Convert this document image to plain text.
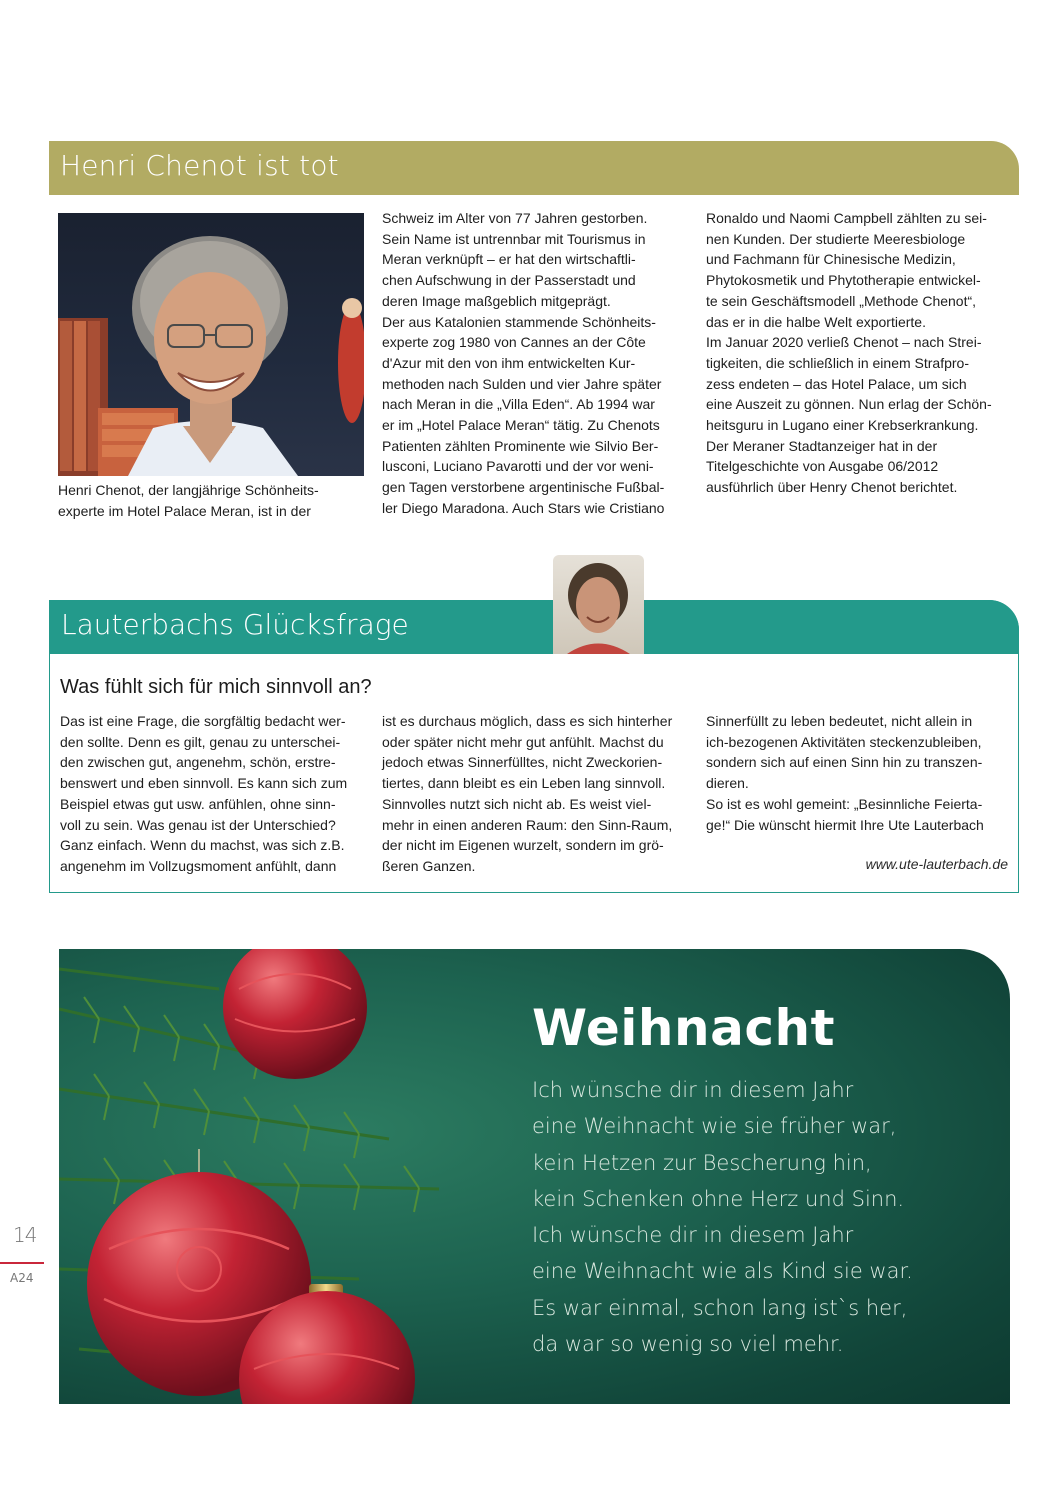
Henri Chenot ist tot

Henri Chenot, der langjährige Schönheits-
experte im Hotel Palace Meran, ist in der

Schweiz im Alter von 77 Jahren gestorben.
Sein Name ist untrennbar mit Tourismus in
Meran verknüpft – er hat den wirtschaftli-
chen Aufschwung in der Passerstadt und
deren Image maßgeblich mitgeprägt.
Der aus Katalonien stammende Schönheits-
experte zog 1980 von Cannes an der Côte
d'Azur mit den von ihm entwickelten Kur-
methoden nach Sulden und vier Jahre später
nach Meran in die „Villa Eden“. Ab 1994 war
er im „Hotel Palace Meran“ tätig. Zu Chenots
Patienten zählten Prominente wie Silvio Ber-
lusconi, Luciano Pavarotti und der vor weni-
gen Tagen verstorbene argentinische Fußbal-
ler Diego Maradona. Auch Stars wie Cristiano

Ronaldo und Naomi Campbell zählten zu sei-
nen Kunden. Der studierte Meeresbiologe
und Fachmann für Chinesische Medizin,
Phytokosmetik und Phytotherapie entwickel-
te sein Geschäftsmodell „Methode Chenot“,
das er in die halbe Welt exportierte.
Im Januar 2020 verließ Chenot – nach Strei-
tigkeiten, die schließlich in einem Strafpro-
zess endeten – das Hotel Palace, um sich
eine Auszeit zu gönnen. Nun erlag der Schön-
heitsguru in Lugano einer Krebserkrankung.
Der Meraner Stadtanzeiger hat in der
Titelgeschichte von Ausgabe 06/2012
ausführlich über Henry Chenot berichtet.

Lauterbachs Glücksfrage
Was fühlt sich für mich sinnvoll an?

Das ist eine Frage, die sorgfältig bedacht wer-
den sollte. Denn es gilt, genau zu unterschei-
den zwischen gut, angenehm, schön, erstre-
benswert und eben sinnvoll. Es kann sich zum
Beispiel etwas gut usw. anfühlen, ohne sinn-
voll zu sein. Was genau ist der Unterschied?
Ganz einfach. Wenn du machst, was sich z.B.
angenehm im Vollzugsmoment anfühlt, dann

ist es durchaus möglich, dass es sich hinterher
oder später nicht mehr gut anfühlt. Machst du
jedoch etwas Sinnerfülltes, nicht Zweckorien-
tiertes, dann bleibt es ein Leben lang sinnvoll.
Sinnvolles nutzt sich nicht ab. Es weist viel-
mehr in einen anderen Raum: den Sinn-Raum,
der nicht im Eigenen wurzelt, sondern im grö-
ßeren Ganzen.

Sinnerfüllt zu leben bedeutet, nicht allein in
ich-bezogenen Aktivitäten steckenzubleiben,
sondern sich auf einen Sinn hin zu transzen-
dieren.
So ist es wohl gemeint: „Besinnliche Feierta-
ge!“ Die wünscht hiermit Ihre Ute Lauterbach

www.ute-lauterbach.de
Weihnacht
Ich wünsche dir in diesem Jahr
eine Weihnacht wie sie früher war,
kein Hetzen zur Bescherung hin,
kein Schenken ohne Herz und Sinn.
Ich wünsche dir in diesem Jahr
eine Weihnacht wie als Kind sie war.
Es war einmal, schon lang ist`s her,
da war so wenig so viel mehr.
14
A24
